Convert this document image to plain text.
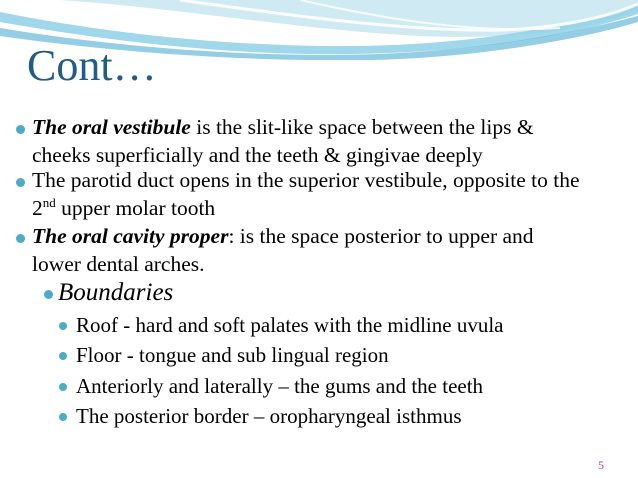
Cont…
The oral vestibule is the slit-like space between the lips &
cheeks superficially and the teeth & gingivae deeply
The parotid duct opens in the superior vestibule, opposite to the
2nd upper molar tooth
The oral cavity proper: is the space posterior to upper and
lower dental arches.
Boundaries
Roof - hard and soft palates with the midline uvula
Floor - tongue and sub lingual region
Anteriorly and laterally – the gums and the teeth
The posterior border – oropharyngeal isthmus
5
